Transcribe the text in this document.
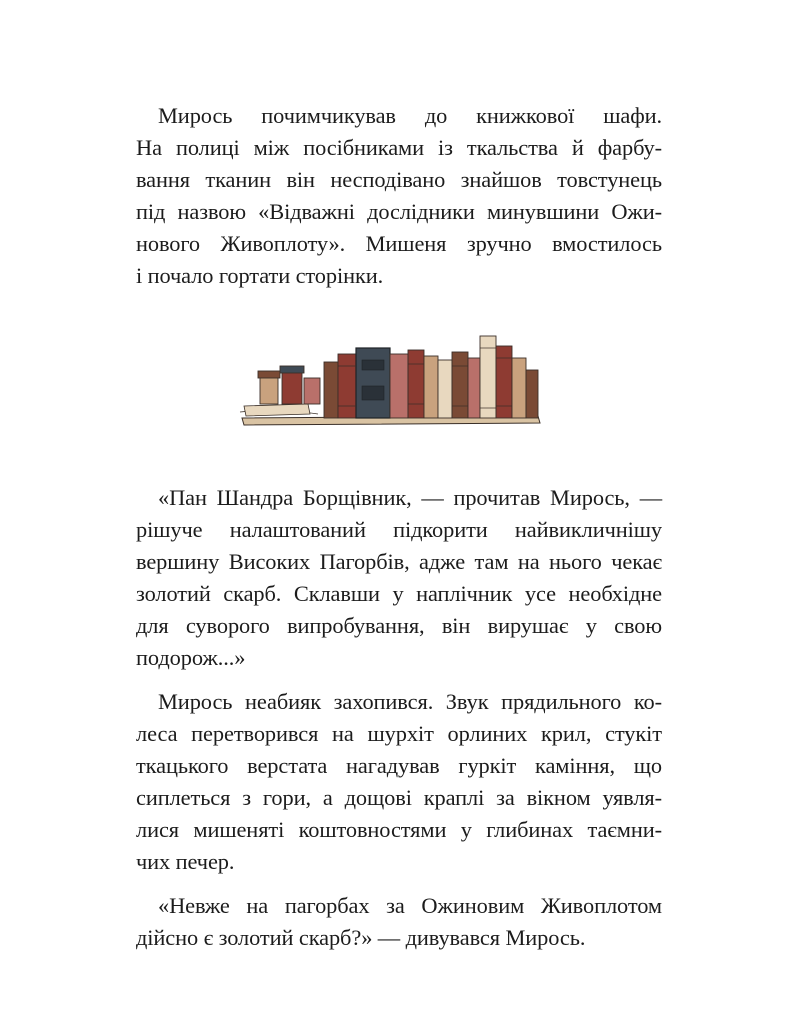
Мирось почимчикував до книжкової шафи.
На полиці між посібниками із ткальства й фарбу-
вання тканин він несподівано знайшов товстунець
під назвою «Відважні дослідники минувшини Ожи-
нового Живоплоту». Мишеня зручно вмостилось
і почало гортати сторінки.
«Пан Шандра Борщівник, — прочитав Мирось, —
рішуче налаштований підкорити найвикличнішу
вершину Високих Пагорбів, адже там на нього чекає
золотий скарб. Склавши у наплічник усе необхідне
для суворого випробування, він вирушає у свою
подорож...»
Мирось неабияк захопився. Звук прядильного ко-
леса перетворився на шурхіт орлиних крил, стукіт
ткацького верстата нагадував гуркіт каміння, що
сиплеться з гори, а дощові краплі за вікном уявля-
лися мишеняті коштовностями у глибинах таємни-
чих печер.
«Невже на пагорбах за Ожиновим Живоплотом
дійсно є золотий скарб?» — дивувався Мирось.
